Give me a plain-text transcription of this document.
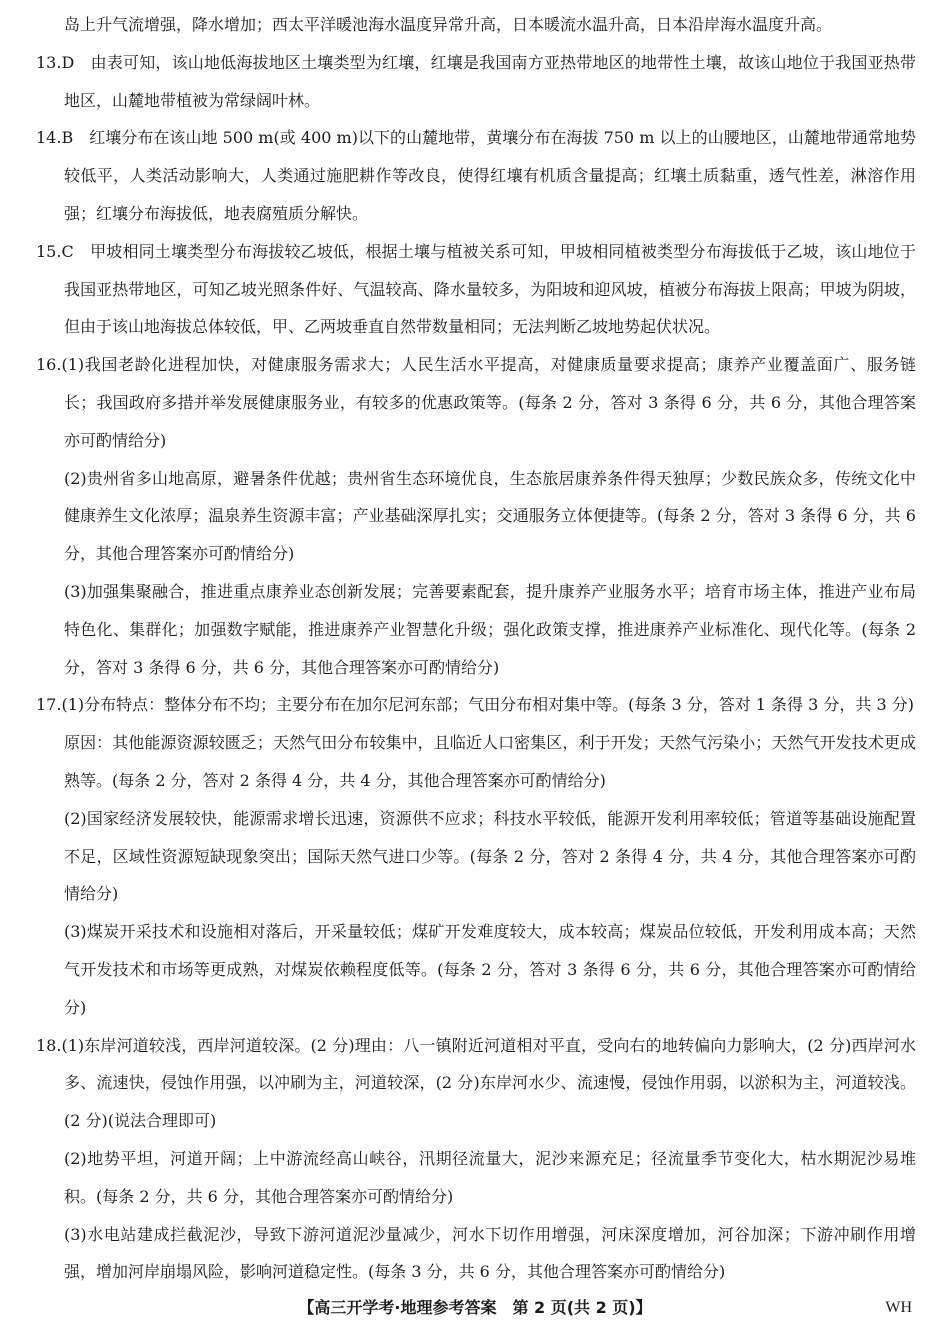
岛上升气流增强，降水增加；西太平洋暖池海水温度异常升高，日本暖流水温升高，日本沿岸海水温度升高。

13.D　由表可知，该山地低海拔地区土壤类型为红壤，红壤是我国南方亚热带地区的地带性土壤，故该山地位于我国亚热带地区，山麓地带植被为常绿阔叶林。

14.B　红壤分布在该山地 500 m(或 400 m)以下的山麓地带，黄壤分布在海拔 750 m 以上的山腰地区，山麓地带通常地势较低平，人类活动影响大，人类通过施肥耕作等改良，使得红壤有机质含量提高；红壤土质黏重，透气性差，淋溶作用强；红壤分布海拔低，地表腐殖质分解快。

15.C　甲坡相同土壤类型分布海拔较乙坡低，根据土壤与植被关系可知，甲坡相同植被类型分布海拔低于乙坡，该山地位于我国亚热带地区，可知乙坡光照条件好、气温较高、降水量较多，为阳坡和迎风坡，植被分布海拔上限高；甲坡为阴坡，但由于该山地海拔总体较低，甲、乙两坡垂直自然带数量相同；无法判断乙坡地势起伏状况。

16.(1)我国老龄化进程加快，对健康服务需求大；人民生活水平提高，对健康质量要求提高；康养产业覆盖面广、服务链长；我国政府多措并举发展健康服务业，有较多的优惠政策等。(每条 2 分，答对 3 条得 6 分，共 6 分，其他合理答案亦可酌情给分)

(2)贵州省多山地高原，避暑条件优越；贵州省生态环境优良，生态旅居康养条件得天独厚；少数民族众多，传统文化中健康养生文化浓厚；温泉养生资源丰富；产业基础深厚扎实；交通服务立体便捷等。(每条 2 分，答对 3 条得 6 分，共 6 分，其他合理答案亦可酌情给分)

(3)加强集聚融合，推进重点康养业态创新发展；完善要素配套，提升康养产业服务水平；培育市场主体，推进产业布局特色化、集群化；加强数字赋能，推进康养产业智慧化升级；强化政策支撑，推进康养产业标准化、现代化等。(每条 2 分，答对 3 条得 6 分，共 6 分，其他合理答案亦可酌情给分)

17.(1)分布特点：整体分布不均；主要分布在加尔尼河东部；气田分布相对集中等。(每条 3 分，答对 1 条得 3 分，共 3 分)

原因：其他能源资源较匮乏；天然气田分布较集中，且临近人口密集区，利于开发；天然气污染小；天然气开发技术更成熟等。(每条 2 分，答对 2 条得 4 分，共 4 分，其他合理答案亦可酌情给分)

(2)国家经济发展较快，能源需求增长迅速，资源供不应求；科技水平较低，能源开发利用率较低；管道等基础设施配置不足，区域性资源短缺现象突出；国际天然气进口少等。(每条 2 分，答对 2 条得 4 分，共 4 分，其他合理答案亦可酌情给分)

(3)煤炭开采技术和设施相对落后，开采量较低；煤矿开发难度较大，成本较高；煤炭品位较低，开发利用成本高；天然气开发技术和市场等更成熟，对煤炭依赖程度低等。(每条 2 分，答对 3 条得 6 分，共 6 分，其他合理答案亦可酌情给分)

18.(1)东岸河道较浅，西岸河道较深。(2 分)理由：八一镇附近河道相对平直，受向右的地转偏向力影响大，(2 分)西岸河水多、流速快，侵蚀作用强，以冲刷为主，河道较深，(2 分)东岸河水少、流速慢，侵蚀作用弱，以淤积为主，河道较浅。(2 分)(说法合理即可)

(2)地势平坦，河道开阔；上中游流经高山峡谷，汛期径流量大，泥沙来源充足；径流量季节变化大，枯水期泥沙易堆积。(每条 2 分，共 6 分，其他合理答案亦可酌情给分)

(3)水电站建成拦截泥沙，导致下游河道泥沙量减少，河水下切作用增强，河床深度增加，河谷加深；下游冲刷作用增强，增加河岸崩塌风险，影响河道稳定性。(每条 3 分，共 6 分，其他合理答案亦可酌情给分)

【高三开学考·地理参考答案　第 2 页(共 2 页)】	WH
